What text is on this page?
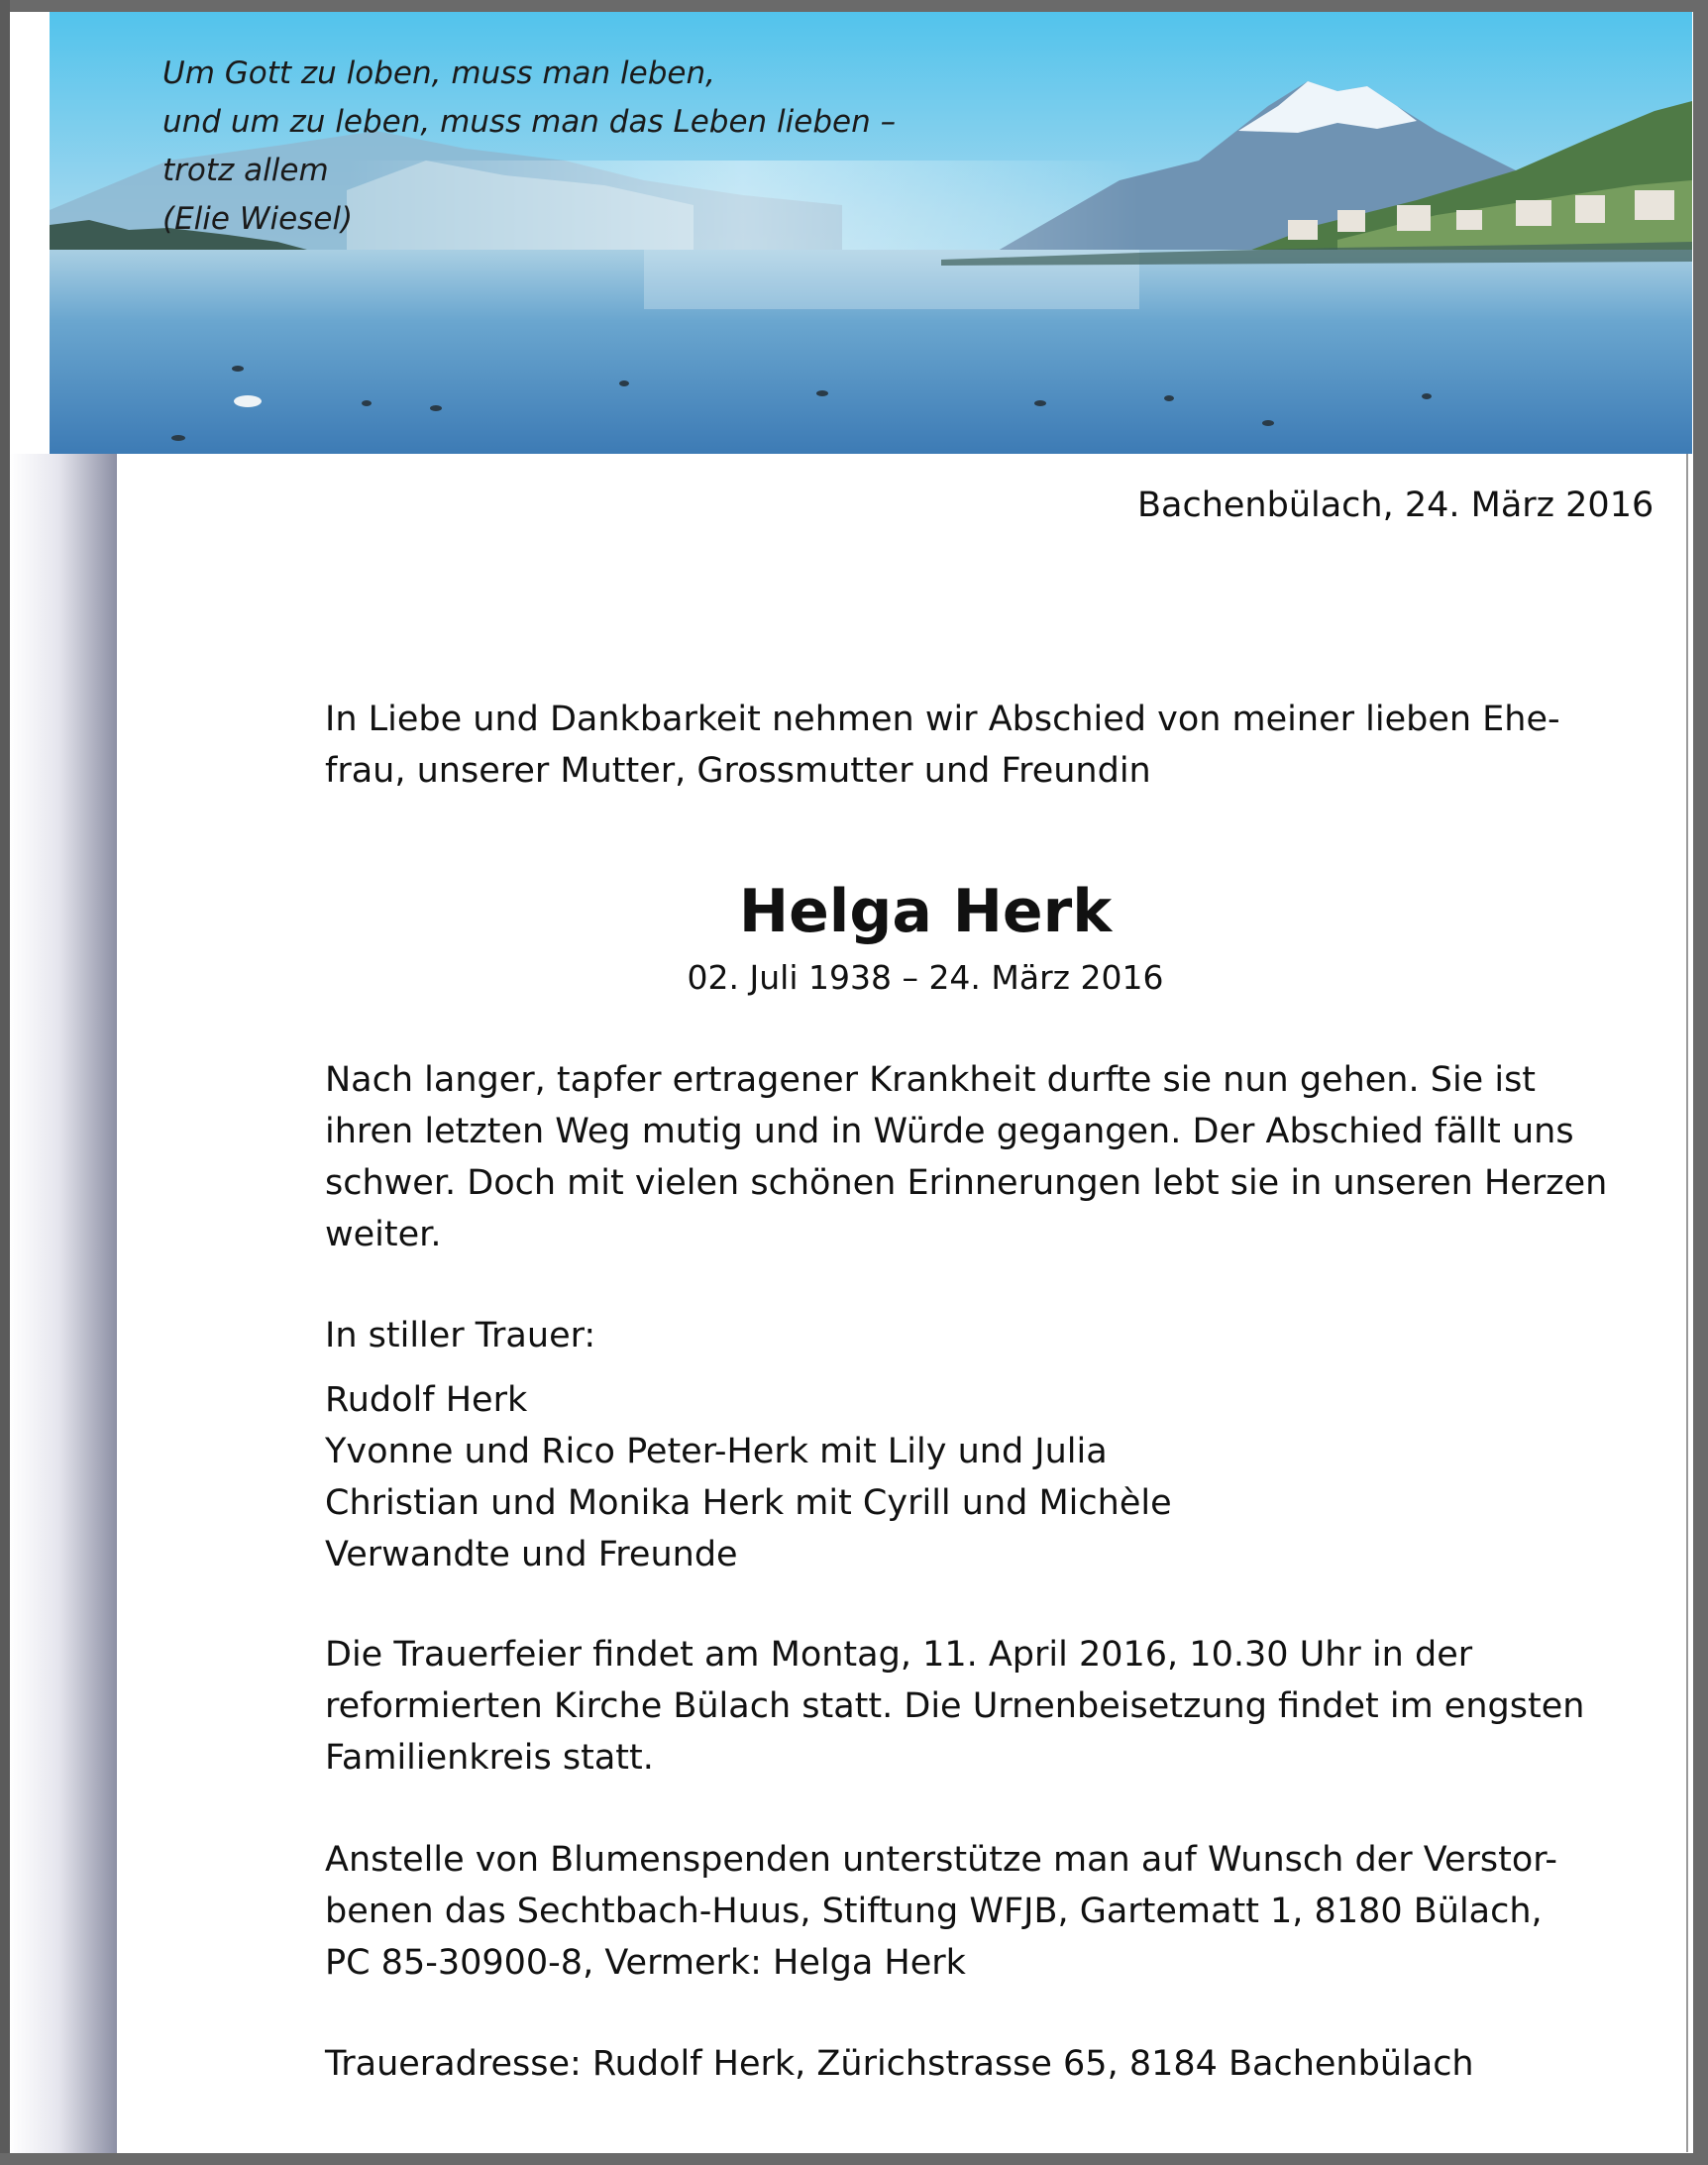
Um Gott zu loben, muss man leben,
und um zu leben, muss man das Leben lieben –
trotz allem
(Elie Wiesel)
Bachenbülach, 24. März 2016
In Liebe und Dankbarkeit nehmen wir Abschied von meiner lieben Ehe-
frau, unserer Mutter, Grossmutter und Freundin
Helga Herk
02. Juli 1938 – 24. März 2016
Nach langer, tapfer ertragener Krankheit durfte sie nun gehen. Sie ist
ihren letzten Weg mutig und in Würde gegangen. Der Abschied fällt uns
schwer. Doch mit vielen schönen Erinnerungen lebt sie in unseren Herzen
weiter.
In stiller Trauer:
Rudolf Herk
Yvonne und Rico Peter-Herk mit Lily und Julia
Christian und Monika Herk mit Cyrill und Michèle
Verwandte und Freunde
Die Trauerfeier findet am Montag, 11. April 2016, 10.30 Uhr in der
reformierten Kirche Bülach statt. Die Urnenbeisetzung findet im engsten
Familienkreis statt.
Anstelle von Blumenspenden unterstütze man auf Wunsch der Verstor-
benen das Sechtbach-Huus, Stiftung WFJB, Gartematt 1, 8180 Bülach,
PC 85-30900-8, Vermerk: Helga Herk
Traueradresse: Rudolf Herk, Zürichstrasse 65, 8184 Bachenbülach
